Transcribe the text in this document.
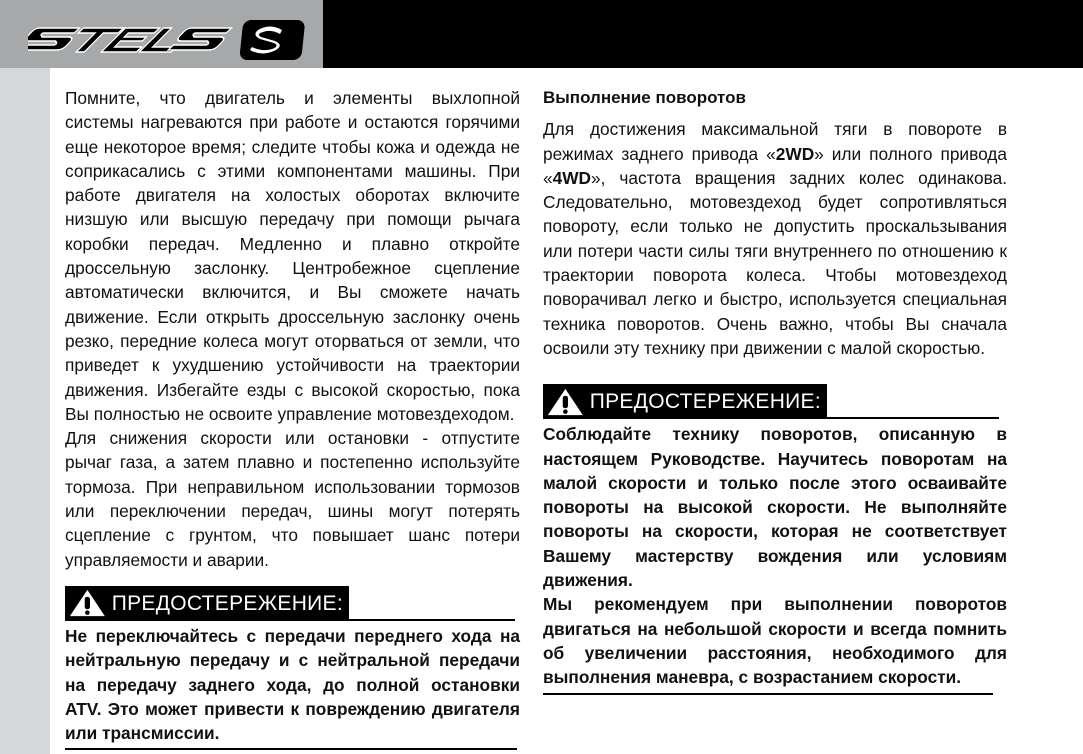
Помните, что двигатель и элементы выхлопной системы нагреваются при работе и остаются горячими еще некоторое время; следите чтобы кожа и одежда не соприкасались с этими компонентами машины. При работе двигателя на холостых оборотах включите низшую или высшую передачу при помощи рычага коробки передач. Медленно и плавно откройте дроссельную заслонку. Центробежное сцепление автоматически включится, и Вы сможете начать движение. Если открыть дроссельную заслонку очень резко, передние колеса могут оторваться от земли, что приведет к ухудшению устойчивости на траектории движения. Избегайте езды с высокой скоростью, пока Вы полностью не освоите управление мотовездеходом.

Для снижения скорости или остановки - отпустите рычаг газа, а затем плавно и постепенно используйте тормоза. При неправильном использовании тормозов или переключении передач, шины могут потерять сцепление с грунтом, что повышает шанс потери управляемости и аварии.

ПРЕДОСТЕРЕЖЕНИЕ:

Не переключайтесь с передачи переднего хода на нейтральную передачу и с нейтральной передачи на передачу заднего хода, до полной остановки ATV. Это может привести к повреждению двигателя или трансмиссии.

Выполнение поворотов

Для достижения максимальной тяги в повороте в режимах заднего привода «2WD» или полного привода «4WD», частота вращения задних колес одинакова. Следовательно, мотовездеход будет сопротивляться повороту, если только не допустить проскальзывания или потери части силы тяги внутреннего по отношению к траектории поворота колеса. Чтобы мотовездеход поворачивал легко и быстро, используется специальная техника поворотов. Очень важно, чтобы Вы сначала освоили эту технику при движении с малой скоростью.

ПРЕДОСТЕРЕЖЕНИЕ:

Соблюдайте технику поворотов, описанную в настоящем Руководстве. Научитесь поворотам на малой скорости и только после этого осваивайте повороты на высокой скорости. Не выполняйте повороты на скорости, которая не соответствует Вашему мастерству вождения или условиям движения.

Мы рекомендуем при выполнении поворотов двигаться на небольшой скорости и всегда помнить об увеличении расстояния, необходимого для выполнения маневра, с возрастанием скорости.
